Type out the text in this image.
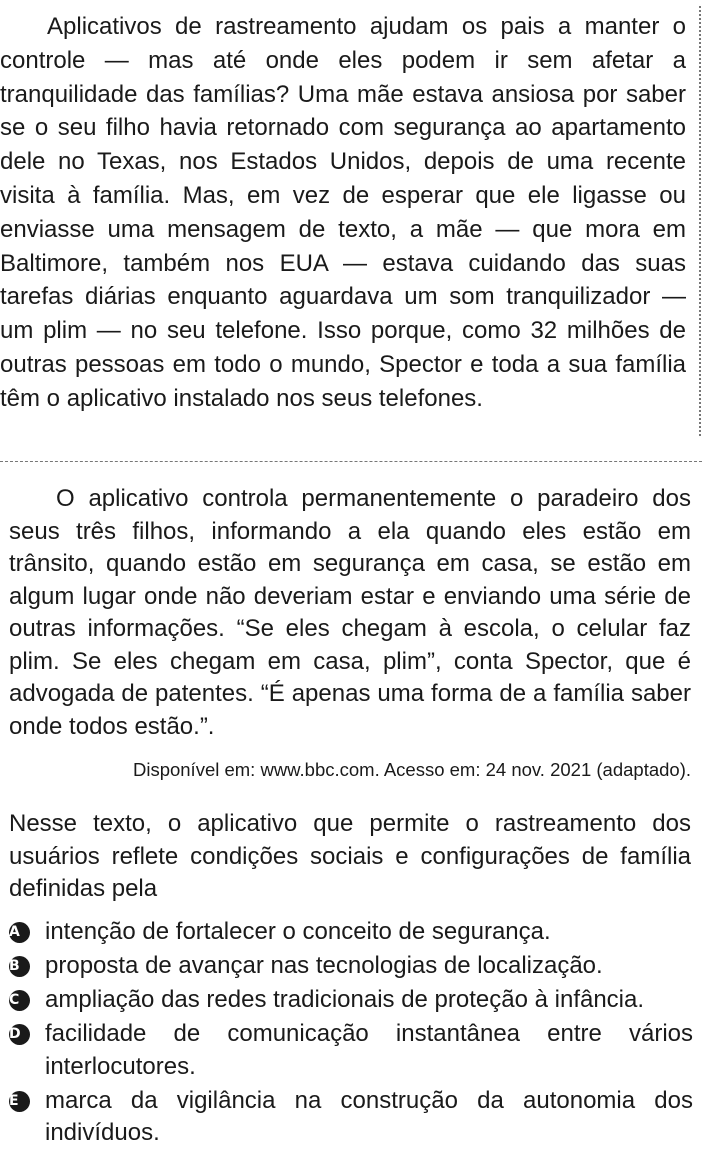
Aplicativos de rastreamento ajudam os pais a manter o controle — mas até onde eles podem ir sem afetar a tranquilidade das famílias? Uma mãe estava ansiosa por saber se o seu filho havia retornado com segurança ao apartamento dele no Texas, nos Estados Unidos, depois de uma recente visita à família. Mas, em vez de esperar que ele ligasse ou enviasse uma mensagem de texto, a mãe — que mora em Baltimore, também nos EUA — estava cuidando das suas tarefas diárias enquanto aguardava um som tranquilizador — um plim — no seu telefone. Isso porque, como 32 milhões de outras pessoas em todo o mundo, Spector e toda a sua família têm o aplicativo instalado nos seus telefones.

O aplicativo controla permanentemente o paradeiro dos seus três filhos, informando a ela quando eles estão em trânsito, quando estão em segurança em casa, se estão em algum lugar onde não deveriam estar e enviando uma série de outras informações. “Se eles chegam à escola, o celular faz plim. Se eles chegam em casa, plim”, conta Spector, que é advogada de patentes. “É apenas uma forma de a família saber onde todos estão.”.

Disponível em: www.bbc.com. Acesso em: 24 nov. 2021 (adaptado).

Nesse texto, o aplicativo que permite o rastreamento dos usuários reflete condições sociais e configurações de família definidas pela

A	intenção de fortalecer o conceito de segurança.
B	proposta de avançar nas tecnologias de localização.
C	ampliação das redes tradicionais de proteção à infância.
D	facilidade de comunicação instantânea entre vários interlocutores.
E	marca da vigilância na construção da autonomia dos indivíduos.
